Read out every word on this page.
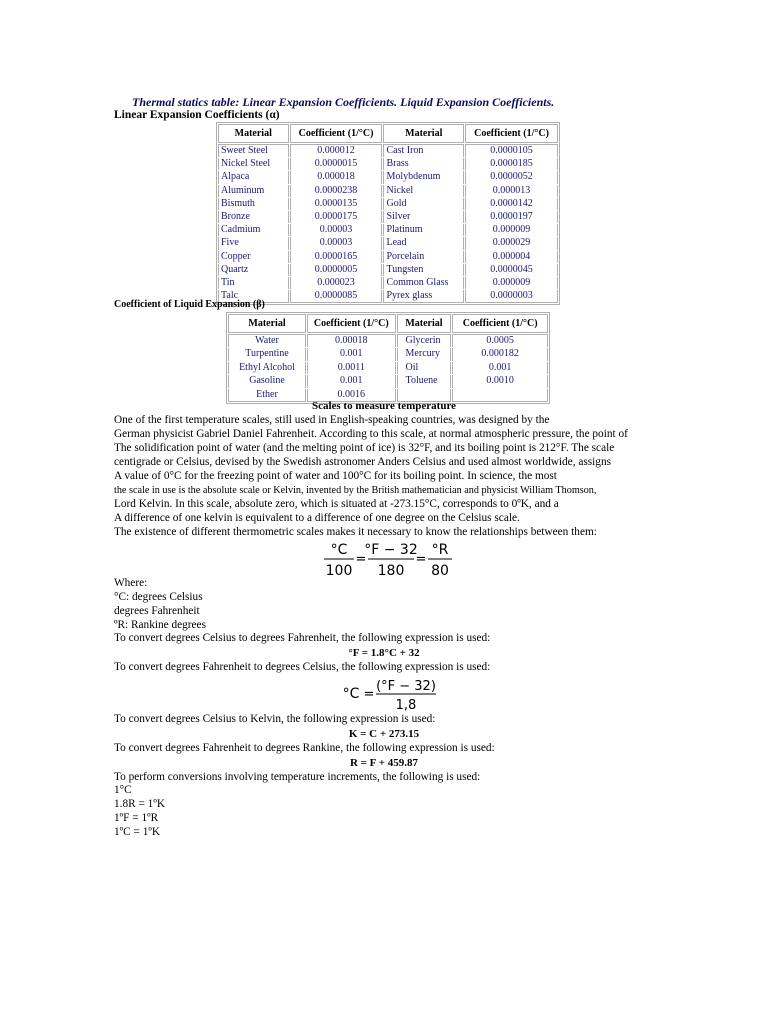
Thermal statics table: Linear Expansion Coefficients. Liquid Expansion Coefficients.
Linear Expansion Coefficients (α)
Material	Coefficient (1/°C)	Material	Coefficient (1/°C)
Sweet Steel	0.000012	Cast Iron	0.0000105
Nickel Steel	0.0000015	Brass	0.0000185
Alpaca	0.000018	Molybdenum	0.0000052
Aluminum	0.0000238	Nickel	0.000013
Bismuth	0.0000135	Gold	0.0000142
Bronze	0.0000175	Silver	0.0000197
Cadmium	0.00003	Platinum	0.000009
Five	0.00003	Lead	0.000029
Copper	0.0000165	Porcelain	0.000004
Quartz	0.0000005	Tungsten	0.0000045
Tin	0.000023	Common Glass	0.000009
Talc	0.0000085	Pyrex glass	0.0000003
Coefficient of Liquid Expansion (β)
Material	Coefficient (1/°C)	Material	Coefficient (1/°C)
Water	0.00018	Glycerin	0.0005
Turpentine	0.001	Mercury	0.000182
Ethyl Alcohol	0.0011	Oil	0.001
Gasoline	0.001	Toluene	0.0010
Ether	0.0016		
Scales to measure temperature
One of the first temperature scales, still used in English-speaking countries, was designed by the
German physicist Gabriel Daniel Fahrenheit. According to this scale, at normal atmospheric pressure, the point of
The solidification point of water (and the melting point of ice) is 32°F, and its boiling point is 212°F. The scale
centigrade or Celsius, devised by the Swedish astronomer Anders Celsius and used almost worldwide, assigns
A value of 0°C for the freezing point of water and 100°C for its boiling point. In science, the most
the scale in use is the absolute scale or Kelvin, invented by the British mathematician and physicist William Thomson,
Lord Kelvin. In this scale, absolute zero, which is situated at -273.15°C, corresponds to 0ºK, and a
A difference of one kelvin is equivalent to a difference of one degree on the Celsius scale.
The existence of different thermometric scales makes it necessary to know the relationships between them:
°C
100
=
°F − 32
180
=
°R
80
Where:
°C: degrees Celsius
degrees Fahrenheit
ºR: Rankine degrees
To convert degrees Celsius to degrees Fahrenheit, the following expression is used:
°F = 1.8°C + 32
To convert degrees Fahrenheit to degrees Celsius, the following expression is used:
°C =
(°F − 32)
1,8
To convert degrees Celsius to Kelvin, the following expression is used:
K = C + 273.15
To convert degrees Fahrenheit to degrees Rankine, the following expression is used:
R = F + 459.87
To perform conversions involving temperature increments, the following is used:
1°C
1.8R = 1ºK
1ºF = 1ºR
1ºC = 1ºK
